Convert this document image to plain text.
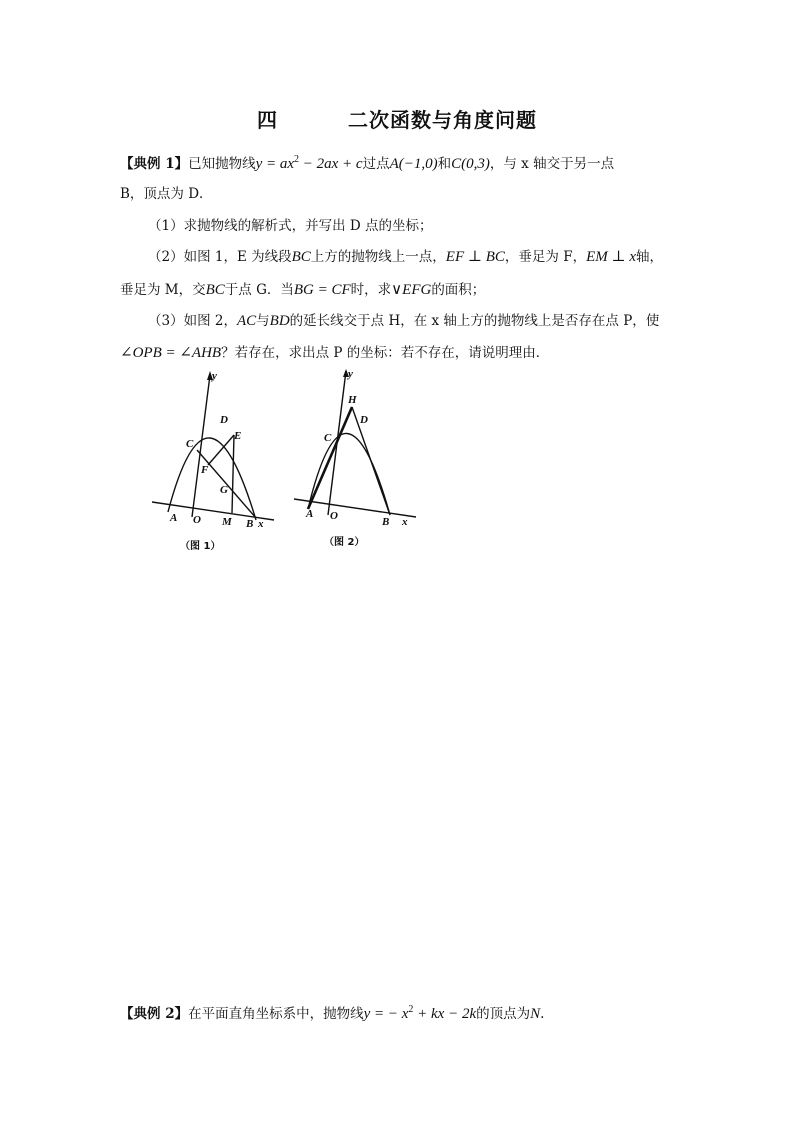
四	二次函数与角度问题
【典例 1】已知抛物线$y = ax^2 - 2ax + c$过点A(−1,0)和C(0,3)，与 x 轴交于另一点
B，顶点为 D．
（1）求抛物线的解析式，并写出 D 点的坐标；
（2）如图 1，E 为线段BC上方的抛物线上一点，EF ⊥ BC，垂足为 F，EM ⊥ x轴，
垂足为 M，交BC于点 G．当BG = CF时，求∨EFG的面积；
（3）如图 2，AC与BD的延长线交于点 H，在 x 轴上方的抛物线上是否存在点 P，使
∠OPB = ∠AHB？若存在，求出点 P 的坐标：若不存在，请说明理由．
x
y
A O M B
C
D
E
F
G
（图 1）
x
y
H
D
C
A O	B
（图 2）
【典例 2】在平面直角坐标系中，抛物线y = − $x^2$ + kx − 2k的顶点为N.
